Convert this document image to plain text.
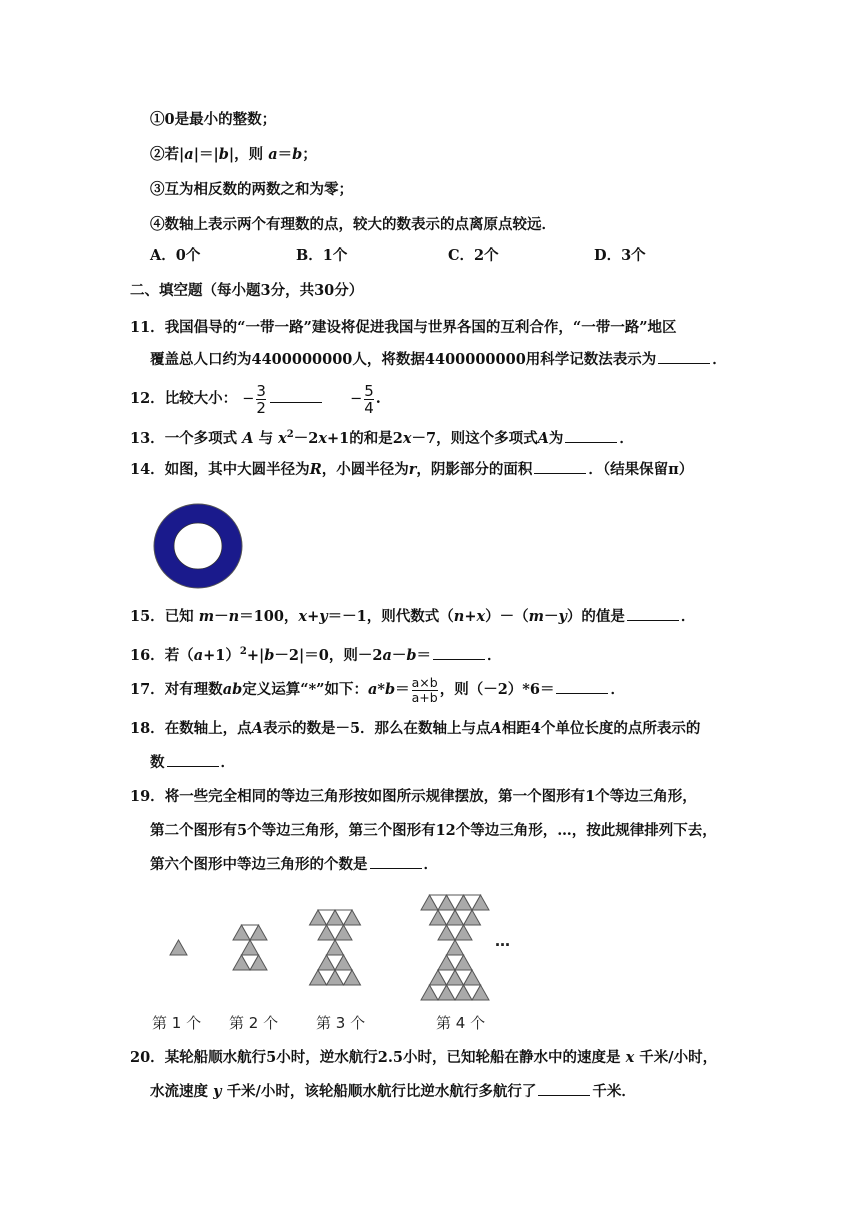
①0是最小的整数；
②若|a|＝|b|，则 a＝b；
③互为相反数的两数之和为零；
④数轴上表示两个有理数的点，较大的数表示的点离原点较远．
A．0个	B．1个	C．2个	D．3个
二、填空题（每小题3分，共30分）
11．我国倡导的“一带一路”建设将促进我国与世界各国的互利合作，“一带一路”地区
覆盖总人口约为4400000000人，将数据4400000000用科学记数法表示为	．
12．比较大小： − $\frac{3}{2}$	− $\frac{5}{4}$ .
13．一个多项式 A 与 $x^2-2x+1$的和是2x－7，则这个多项式A为	．
14．如图，其中大圆半径为R，小圆半径为r，阴影部分的面积	．（结果保留π）
15．已知 m－n＝100，x+y＝－1，则代数式（n+x）－（m－y）的值是	．
16．若$(a+1)^2+|b-2|=0$，则－2a－b＝	．
17．对有理数ab定义运算“*”如下：$a*b= \frac{a\times b}{a+b}$ ，则（－2）*6＝	．
18．在数轴上，点A表示的数是－5．那么在数轴上与点A相距4个单位长度的点所表示的
数	．
19．将一些完全相同的等边三角形按如图所示规律摆放，第一个图形有1个等边三角形，
第二个图形有5个等边三角形，第三个图形有12个等边三角形，…，按此规律排列下去，
第六个图形中等边三角形的个数是	．
第 1 个 第 2 个	第 3 个	第 4 个
…
20．某轮船顺水航行5小时，逆水航行2.5小时，已知轮船在静水中的速度是 x 千米/小时，
水流速度 y 千米/小时，该轮船顺水航行比逆水航行多航行了	千米．
